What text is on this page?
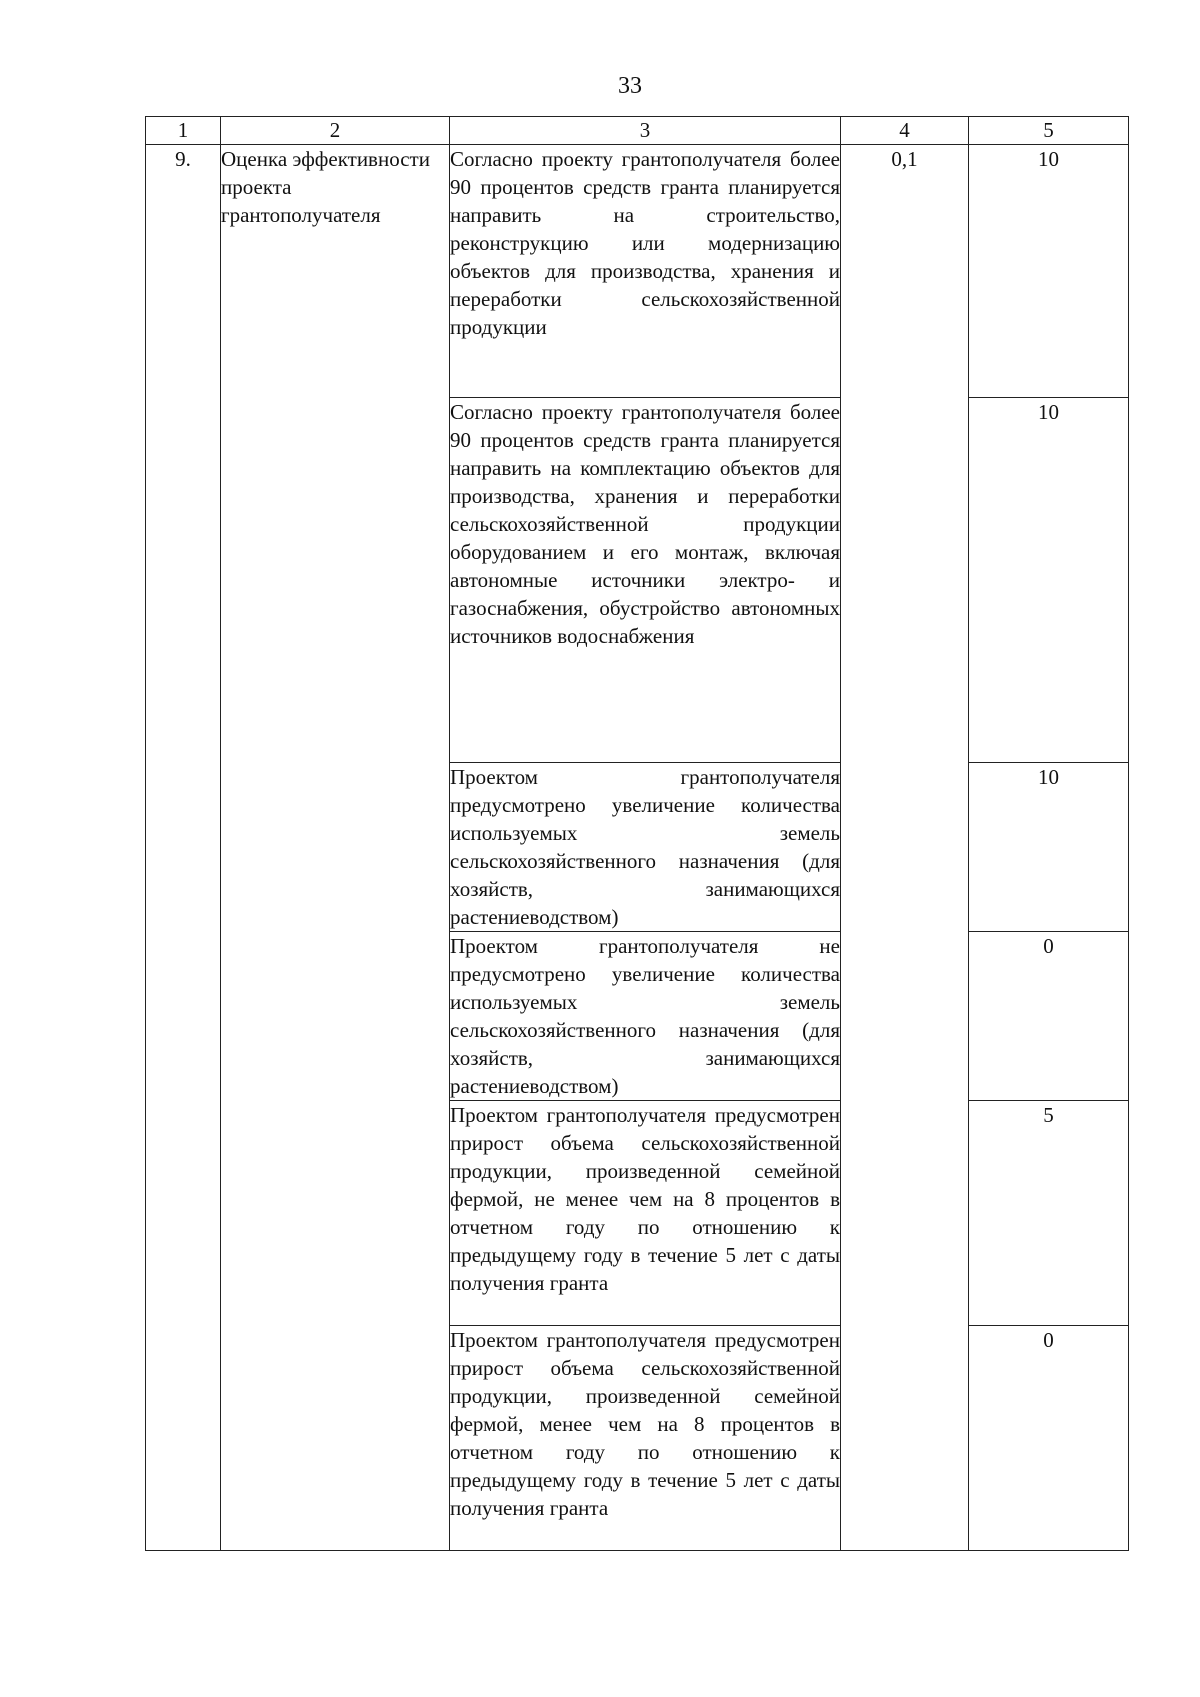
33
1	2	3	4	5
9.	Оценка эффективности проекта грантополучателя	Согласно проекту грантополучателя более 90 процентов средств гранта планируется направить на строительство, реконструкцию или модернизацию объектов для производства, хранения и переработки сельскохозяйственной продукции	0,1	10
		Согласно проекту грантополучателя более 90 процентов средств гранта планируется направить на комплектацию объектов для производства, хранения и переработки сельскохозяйственной продукции оборудованием и его монтаж, включая автономные источники электро- и газоснабжения, обустройство автономных источников водоснабжения		10
		Проектом грантополучателя предусмотрено увеличение количества используемых земель сельскохозяйственного назначения (для хозяйств, занимающихся растениеводством)		10
		Проектом грантополучателя не предусмотрено увеличение количества используемых земель сельскохозяйственного назначения (для хозяйств, занимающихся растениеводством)		0
		Проектом грантополучателя предусмотрен прирост объема сельскохозяйственной продукции, произведенной семейной фермой, не менее чем на 8 процентов в отчетном году по отношению к предыдущему году в течение 5 лет с даты получения гранта		5
		Проектом грантополучателя предусмотрен прирост объема сельскохозяйственной продукции, произведенной семейной фермой, менее чем на 8 процентов в отчетном году по отношению к предыдущему году в течение 5 лет с даты получения гранта		0
